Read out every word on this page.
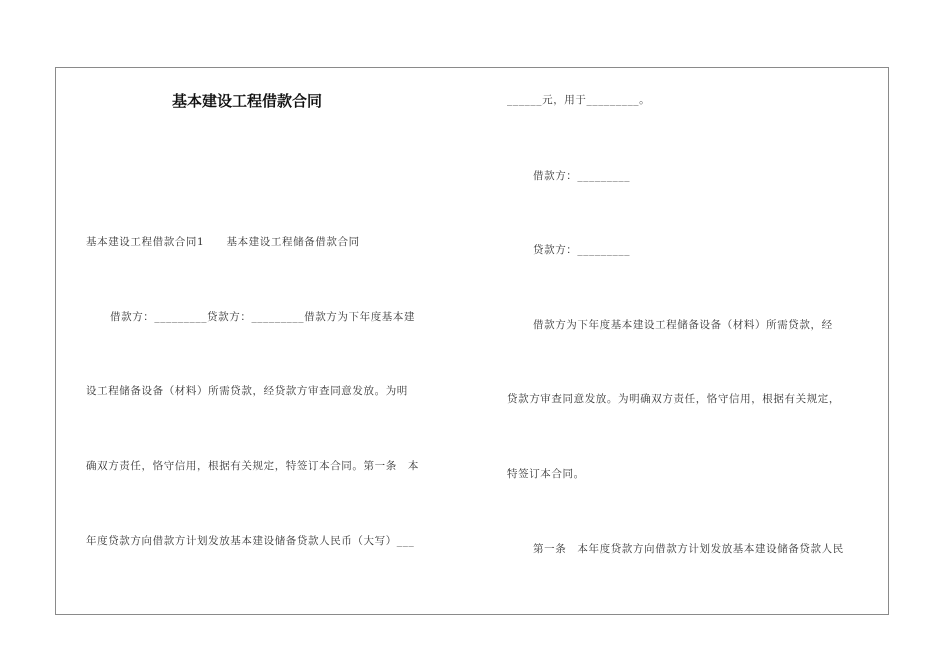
基本建设工程借款合同
基本建设工程借款合同1　　基本建设工程储备借款合同
借款方：_________贷款方：_________借款方为下年度基本建
设工程储备设备（材料）所需贷款，经贷款方审查同意发放。为明
确双方责任，恪守信用，根据有关规定，特签订本合同。第一条　本
年度贷款方向借款方计划发放基本建设储备贷款人民币（大写）___
______元，用于_________。
借款方：_________
贷款方：_________
借款方为下年度基本建设工程储备设备（材料）所需贷款，经
贷款方审查同意发放。为明确双方责任，恪守信用，根据有关规定，
特签订本合同。
第一条　本年度贷款方向借款方计划发放基本建设储备贷款人民
